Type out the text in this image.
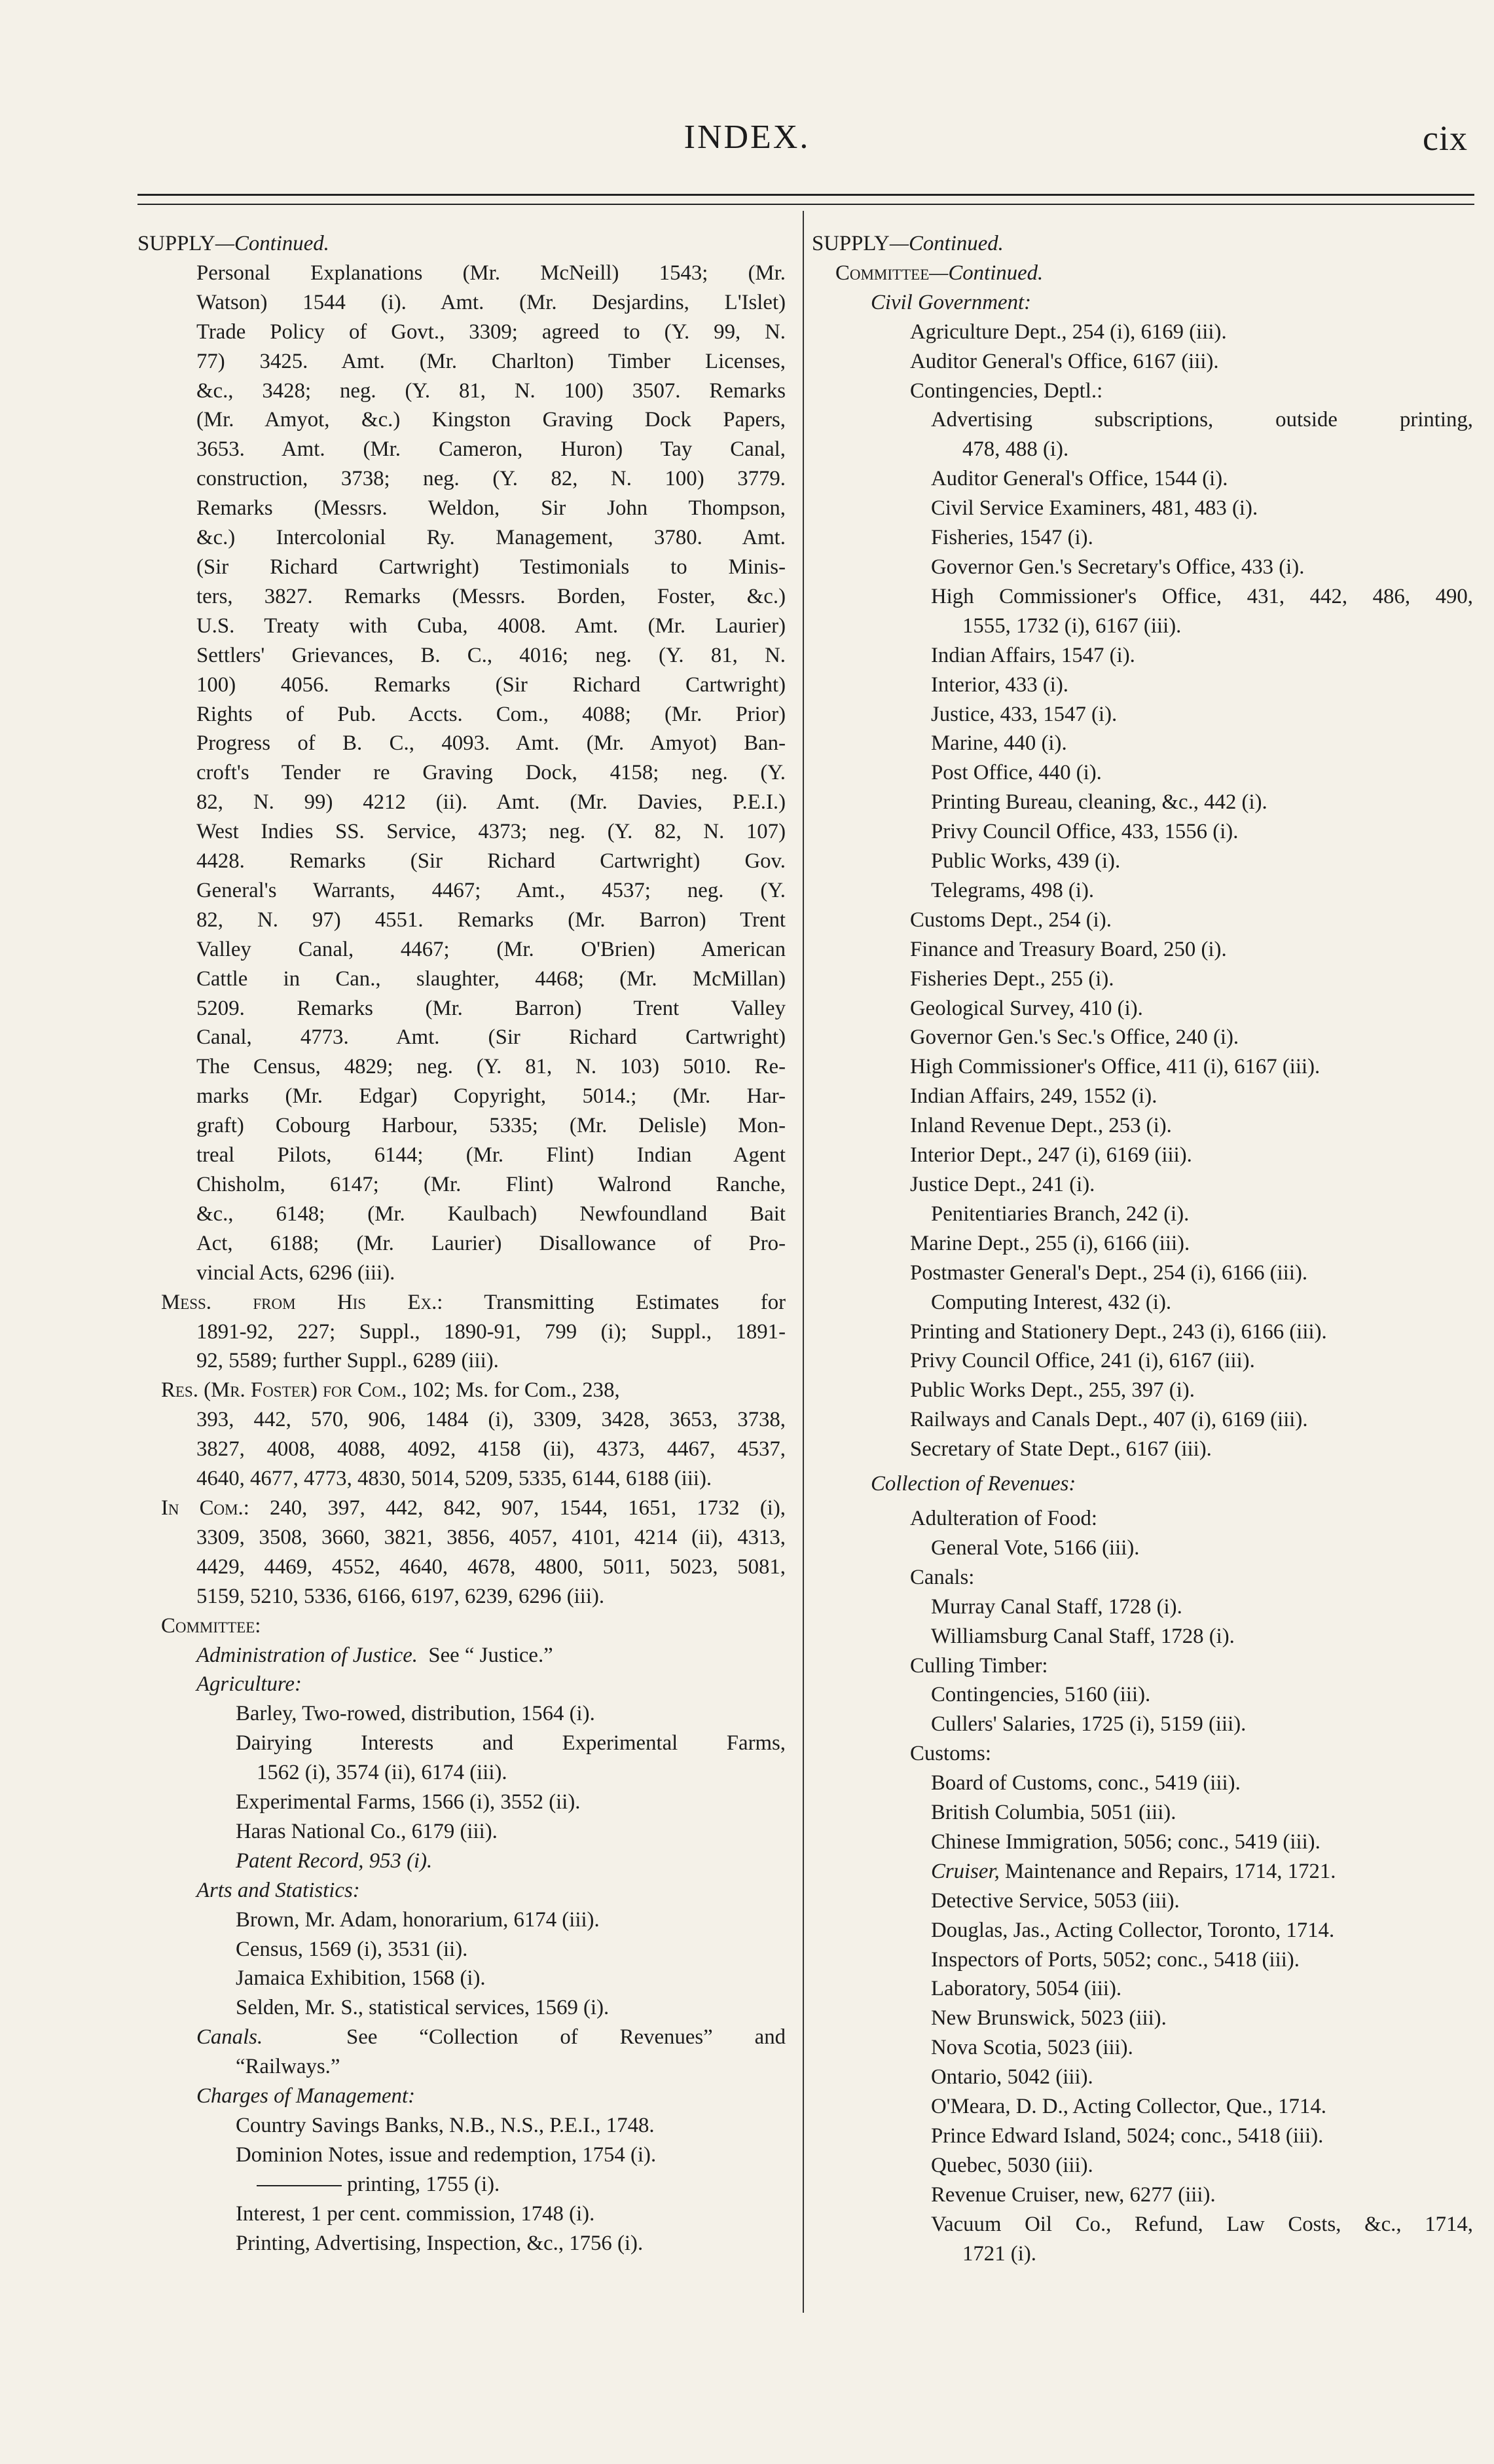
INDEX.	cix

SUPPLY—Continued.

Personal Explanations (Mr. McNeill) 1543; (Mr.

Watson) 1544 (i). Amt. (Mr. Desjardins, L'Islet)

Trade Policy of Govt., 3309; agreed to (Y. 99, N.

77) 3425. Amt. (Mr. Charlton) Timber Licenses,

&c., 3428; neg. (Y. 81, N. 100) 3507. Remarks

(Mr. Amyot, &c.) Kingston Graving Dock Papers,

3653. Amt. (Mr. Cameron, Huron) Tay Canal,

construction, 3738; neg. (Y. 82, N. 100) 3779.

Remarks (Messrs. Weldon, Sir John Thompson,

&c.) Intercolonial Ry. Management, 3780. Amt.

(Sir Richard Cartwright) Testimonials to Minis-

ters, 3827. Remarks (Messrs. Borden, Foster, &c.)

U.S. Treaty with Cuba, 4008. Amt. (Mr. Laurier)

Settlers' Grievances, B. C., 4016; neg. (Y. 81, N.

100) 4056. Remarks (Sir Richard Cartwright)

Rights of Pub. Accts. Com., 4088; (Mr. Prior)

Progress of B. C., 4093. Amt. (Mr. Amyot) Ban-

croft's Tender re Graving Dock, 4158; neg. (Y.

82, N. 99) 4212 (ii). Amt. (Mr. Davies, P.E.I.)

West Indies SS. Service, 4373; neg. (Y. 82, N. 107)

4428. Remarks (Sir Richard Cartwright) Gov.

General's Warrants, 4467; Amt., 4537; neg. (Y.

82, N. 97) 4551. Remarks (Mr. Barron) Trent

Valley Canal, 4467; (Mr. O'Brien) American

Cattle in Can., slaughter, 4468; (Mr. McMillan)

5209. Remarks (Mr. Barron) Trent Valley

Canal, 4773. Amt. (Sir Richard Cartwright)

The Census, 4829; neg. (Y. 81, N. 103) 5010. Re-

marks (Mr. Edgar) Copyright, 5014.; (Mr. Har-

graft) Cobourg Harbour, 5335; (Mr. Delisle) Mon-

treal Pilots, 6144; (Mr. Flint) Indian Agent

Chisholm, 6147; (Mr. Flint) Walrond Ranche,

&c., 6148; (Mr. Kaulbach) Newfoundland Bait

Act, 6188; (Mr. Laurier) Disallowance of Pro-

vincial Acts, 6296 (iii).

Mess. from His Ex.: Transmitting Estimates for

1891-92, 227; Suppl., 1890-91, 799 (i); Suppl., 1891-

92, 5589; further Suppl., 6289 (iii).

Res. (Mr. Foster) for Com., 102; Ms. for Com., 238,

393, 442, 570, 906, 1484 (i), 3309, 3428, 3653, 3738,

3827, 4008, 4088, 4092, 4158 (ii), 4373, 4467, 4537,

4640, 4677, 4773, 4830, 5014, 5209, 5335, 6144, 6188 (iii).

In Com.: 240, 397, 442, 842, 907, 1544, 1651, 1732 (i),

3309, 3508, 3660, 3821, 3856, 4057, 4101, 4214 (ii), 4313,

4429, 4469, 4552, 4640, 4678, 4800, 5011, 5023, 5081,

5159, 5210, 5336, 6166, 6197, 6239, 6296 (iii).

Committee:

Administration of Justice. See “ Justice.”

Agriculture:

Barley, Two-rowed, distribution, 1564 (i).

Dairying Interests and Experimental Farms,

1562 (i), 3574 (ii), 6174 (iii).

Experimental Farms, 1566 (i), 3552 (ii).

Haras National Co., 6179 (iii).

Patent Record, 953 (i).

Arts and Statistics:

Brown, Mr. Adam, honorarium, 6174 (iii).

Census, 1569 (i), 3531 (ii).

Jamaica Exhibition, 1568 (i).

Selden, Mr. S., statistical services, 1569 (i).

Canals.	See “Collection of Revenues” and

“Railways.”

Charges of Management:

Country Savings Banks, N.B., N.S., P.E.I., 1748.

Dominion Notes, issue and redemption, 1754 (i).

printing, 1755 (i).

Interest, 1 per cent. commission, 1748 (i).

Printing, Advertising, Inspection, &c., 1756 (i).

SUPPLY—Continued.

Committee—Continued.

Civil Government:

Agriculture Dept., 254 (i), 6169 (iii).

Auditor General's Office, 6167 (iii).

Contingencies, Deptl.:

Advertising subscriptions, outside printing,

478, 488 (i).

Auditor General's Office, 1544 (i).

Civil Service Examiners, 481, 483 (i).

Fisheries, 1547 (i).

Governor Gen.'s Secretary's Office, 433 (i).

High Commissioner's Office, 431, 442, 486, 490,

1555, 1732 (i), 6167 (iii).

Indian Affairs, 1547 (i).

Interior, 433 (i).

Justice, 433, 1547 (i).

Marine, 440 (i).

Post Office, 440 (i).

Printing Bureau, cleaning, &c., 442 (i).

Privy Council Office, 433, 1556 (i).

Public Works, 439 (i).

Telegrams, 498 (i).

Customs Dept., 254 (i).

Finance and Treasury Board, 250 (i).

Fisheries Dept., 255 (i).

Geological Survey, 410 (i).

Governor Gen.'s Sec.'s Office, 240 (i).

High Commissioner's Office, 411 (i), 6167 (iii).

Indian Affairs, 249, 1552 (i).

Inland Revenue Dept., 253 (i).

Interior Dept., 247 (i), 6169 (iii).

Justice Dept., 241 (i).

Penitentiaries Branch, 242 (i).

Marine Dept., 255 (i), 6166 (iii).

Postmaster General's Dept., 254 (i), 6166 (iii).

Computing Interest, 432 (i).

Printing and Stationery Dept., 243 (i), 6166 (iii).

Privy Council Office, 241 (i), 6167 (iii).

Public Works Dept., 255, 397 (i).

Railways and Canals Dept., 407 (i), 6169 (iii).

Secretary of State Dept., 6167 (iii).

Collection of Revenues:

Adulteration of Food:

General Vote, 5166 (iii).

Canals:

Murray Canal Staff, 1728 (i).

Williamsburg Canal Staff, 1728 (i).

Culling Timber:

Contingencies, 5160 (iii).

Cullers' Salaries, 1725 (i), 5159 (iii).

Customs:

Board of Customs, conc., 5419 (iii).

British Columbia, 5051 (iii).

Chinese Immigration, 5056; conc., 5419 (iii).

Cruiser, Maintenance and Repairs, 1714, 1721.

Detective Service, 5053 (iii).

Douglas, Jas., Acting Collector, Toronto, 1714.

Inspectors of Ports, 5052; conc., 5418 (iii).

Laboratory, 5054 (iii).

New Brunswick, 5023 (iii).

Nova Scotia, 5023 (iii).

Ontario, 5042 (iii).

O'Meara, D. D., Acting Collector, Que., 1714.

Prince Edward Island, 5024; conc., 5418 (iii).

Quebec, 5030 (iii).

Revenue Cruiser, new, 6277 (iii).

Vacuum Oil Co., Refund, Law Costs, &c., 1714,

1721 (i).
